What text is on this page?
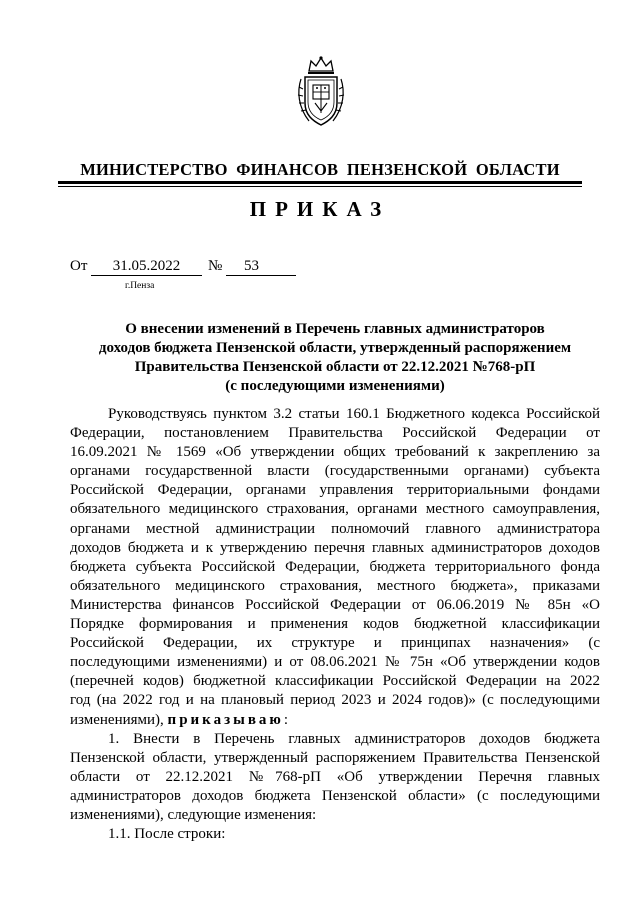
МИНИСТЕРСТВО  ФИНАНСОВ  ПЕНЗЕНСКОЙ  ОБЛАСТИ
ПРИКАЗ
От	31.05.2022	№	53
г.Пенза
О внесении изменений в Перечень главных администраторов
доходов бюджета Пензенской области, утвержденный распоряжением
Правительства Пензенской области от 22.12.2021 №768-рП
(с последующими изменениями)
Руководствуясь пунктом 3.2 статьи 160.1 Бюджетного кодекса Российской
Федерации, постановлением Правительства Российской Федерации от
16.09.2021 № 1569 «Об утверждении общих требований к закреплению за
органами государственной власти (государственными органами) субъекта
Российской Федерации, органами управления территориальными фондами
обязательного медицинского страхования, органами местного самоуправления,
органами местной администрации полномочий главного администратора
доходов бюджета и к утверждению перечня главных администраторов доходов
бюджета субъекта Российской Федерации, бюджета территориального фонда
обязательного медицинского страхования, местного бюджета», приказами
Министерства финансов Российской Федерации от 06.06.2019 № 85н «О
Порядке формирования и применения кодов бюджетной классификации
Российской Федерации, их структуре и принципах назначения» (с
последующими изменениями) и от 08.06.2021 № 75н «Об утверждении кодов
(перечней кодов) бюджетной классификации Российской Федерации на 2022
год (на 2022 год и на плановый период 2023 и 2024 годов)» (с последующими
изменениями), приказываю:
1. Внести в Перечень главных администраторов доходов бюджета
Пензенской области, утвержденный распоряжением Правительства Пензенской
области от 22.12.2021 №768-рП «Об утверждении Перечня главных
администраторов доходов бюджета Пензенской области» (с последующими
изменениями), следующие изменения:
1.1. После строки:
